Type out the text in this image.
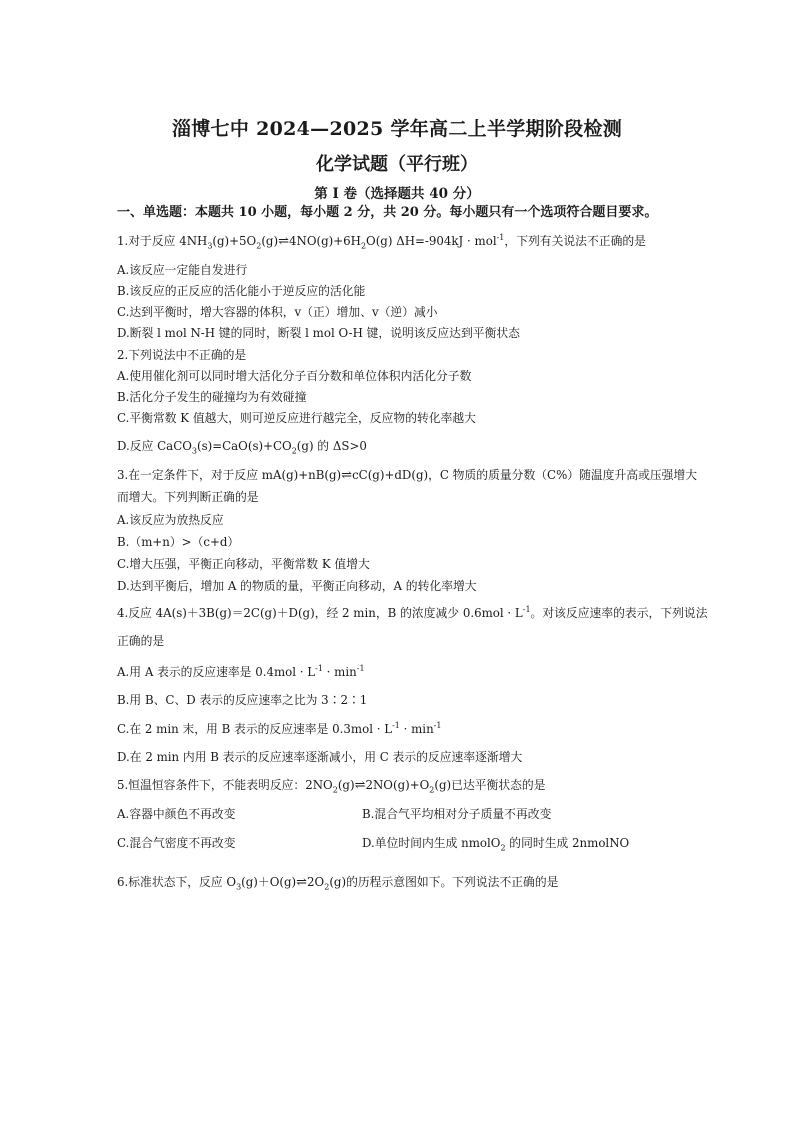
淄博七中 2024—2025 学年高二上半学期阶段检测
化学试题（平行班）
第 I 卷（选择题共 40 分）
一、单选题：本题共 10 小题，每小题 2 分，共 20 分。每小题只有一个选项符合题目要求。
1.对于反应 $4NH_3(g)+5O_2(g)\rightleftharpoons 4NO(g)+6H_2O(g) \Delta H=-904kJ \cdot mol^{-1}$，下列有关说法不正确的是
A.该反应一定能自发进行
B.该反应的正反应的活化能小于逆反应的活化能
C.达到平衡时，增大容器的体积，v（正）增加、v（逆）减小
D.断裂 l mol N-H 键的同时，断裂 l mol O-H 键，说明该反应达到平衡状态
2.下列说法中不正确的是
A.使用催化剂可以同时增大活化分子百分数和单位体积内活化分子数
B.活化分子发生的碰撞均为有效碰撞
C.平衡常数 K 值越大，则可逆反应进行越完全，反应物的转化率越大
D.反应 $CaCO_3(s)=CaO(s)+CO_2(g)$ 的 ΔS>0
3.在一定条件下，对于反应 mA(g)+nB(g)⇌cC(g)+dD(g)，C 物质的质量分数（C%）随温度升高或压强增大
而增大。下列判断正确的是
A.该反应为放热反应
B.（m+n）>（c+d）
C.增大压强，平衡正向移动，平衡常数 K 值增大
D.达到平衡后，增加 A 的物质的量，平衡正向移动，A 的转化率增大
4.反应 4A(s)＋3B(g)＝2C(g)＋D(g)，经 2 min，B 的浓度减少 $0.6mol \cdot L^{-1}$。对该反应速率的表示，下列说法
正确的是
A.用 A 表示的反应速率是 $0.4mol \cdot L^{-1} \cdot \min^{-1}$
B.用 B、C、D 表示的反应速率之比为 3∶2∶1
C.在 2 min 末，用 B 表示的反应速率是 $0.3mol \cdot L^{-1} \cdot \min^{-1}$
D.在 2 min 内用 B 表示的反应速率逐渐减小，用 C 表示的反应速率逐渐增大
5.恒温恒容条件下，不能表明反应：$2NO_2(g)\rightleftharpoons 2NO(g)+O_2(g)$已达平衡状态的是
A.容器中颜色不再改变	B.混合气平均相对分子质量不再改变
C.混合气密度不再改变	D.单位时间内生成 nmolO$_2$ 的同时生成 2nmolNO
6.标准状态下，反应 $O_3(g)+O(g)\rightleftharpoons 2O_2(g)$的历程示意图如下。下列说法不正确的是
